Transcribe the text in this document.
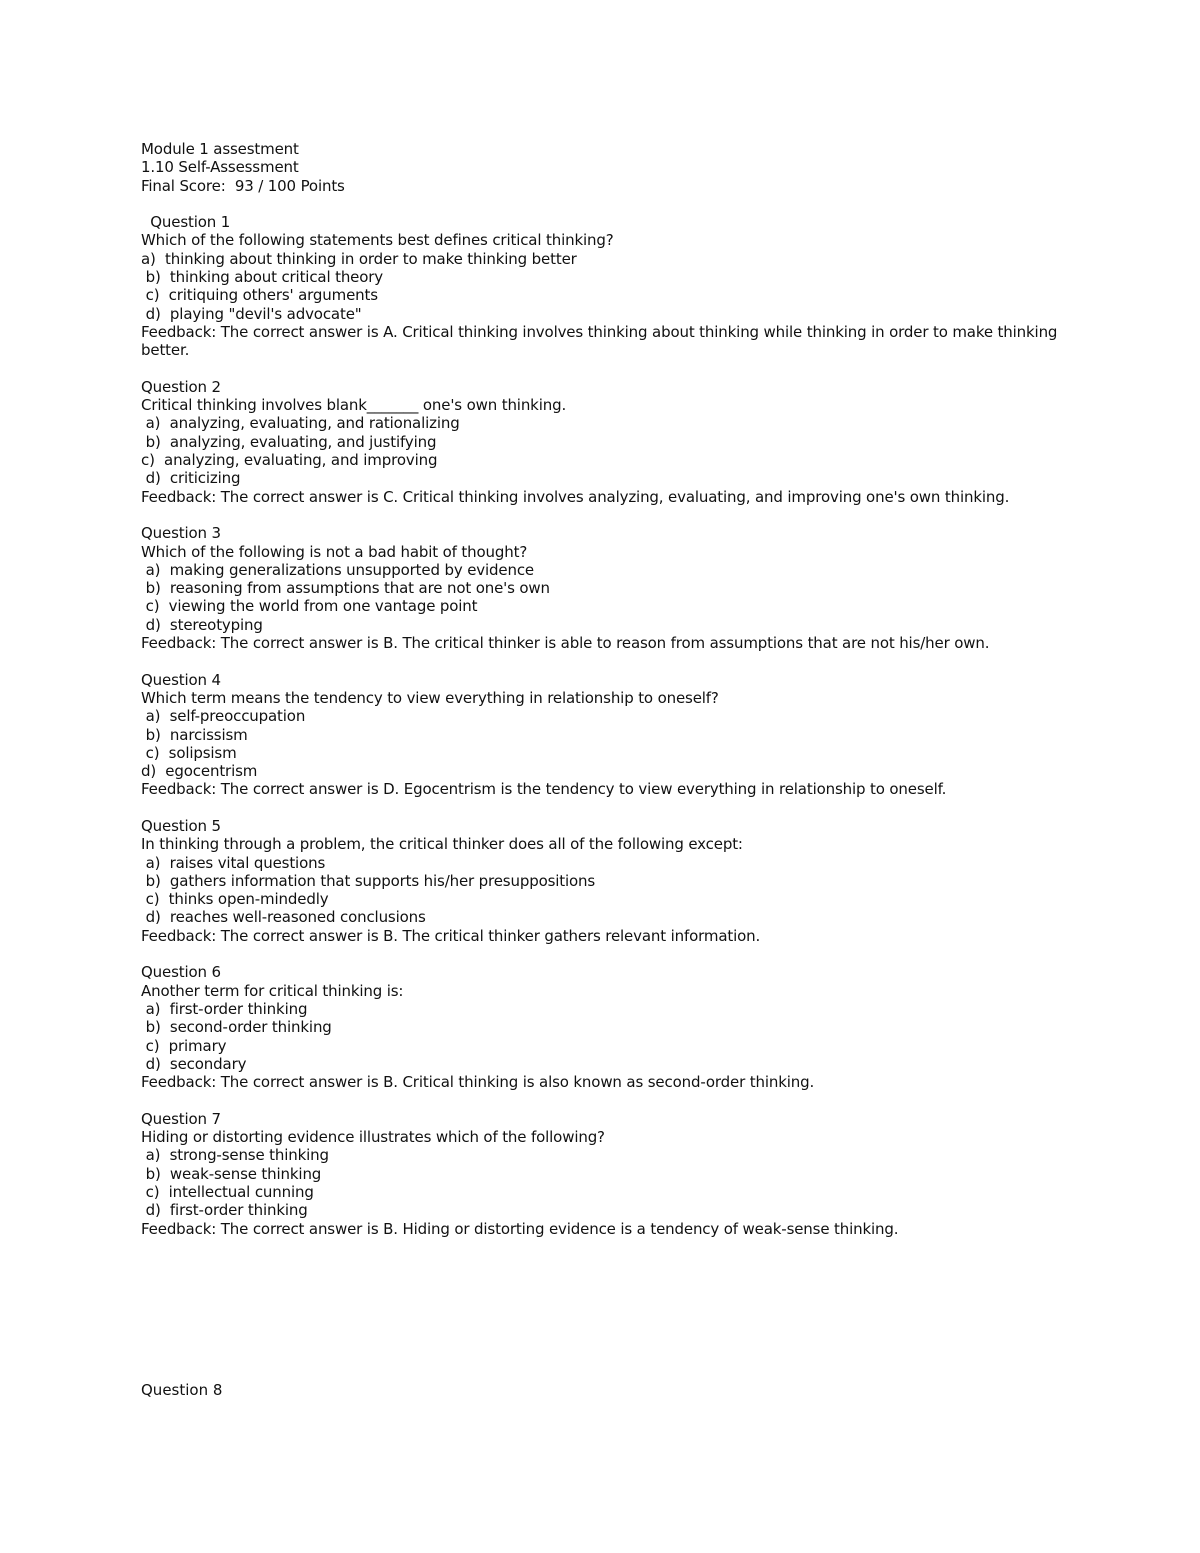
Module 1 assestment
1.10 Self-Assessment
Final Score:  93 / 100 Points
Question 1
Which of the following statements best defines critical thinking?
a)  thinking about thinking in order to make thinking better
b)  thinking about critical theory
c)  critiquing others' arguments
d)  playing "devil's advocate"
Feedback: The correct answer is A. Critical thinking involves thinking about thinking while thinking in order to make thinking better.
Question 2
Critical thinking involves blank_______ one's own thinking.
a)  analyzing, evaluating, and rationalizing
b)  analyzing, evaluating, and justifying
c)  analyzing, evaluating, and improving
d)  criticizing
Feedback: The correct answer is C. Critical thinking involves analyzing, evaluating, and improving one's own thinking.
Question 3
Which of the following is not a bad habit of thought?
a)  making generalizations unsupported by evidence
b)  reasoning from assumptions that are not one's own
c)  viewing the world from one vantage point
d)  stereotyping
Feedback: The correct answer is B. The critical thinker is able to reason from assumptions that are not his/her own.
Question 4
Which term means the tendency to view everything in relationship to oneself?
a)  self-preoccupation
b)  narcissism
c)  solipsism
d)  egocentrism
Feedback: The correct answer is D. Egocentrism is the tendency to view everything in relationship to oneself.
Question 5
In thinking through a problem, the critical thinker does all of the following except:
a)  raises vital questions
b)  gathers information that supports his/her presuppositions
c)  thinks open-mindedly
d)  reaches well-reasoned conclusions
Feedback: The correct answer is B. The critical thinker gathers relevant information.
Question 6
Another term for critical thinking is:
a)  first-order thinking
b)  second-order thinking
c)  primary
d)  secondary
Feedback: The correct answer is B. Critical thinking is also known as second-order thinking.
Question 7
Hiding or distorting evidence illustrates which of the following?
a)  strong-sense thinking
b)  weak-sense thinking
c)  intellectual cunning
d)  first-order thinking
Feedback: The correct answer is B. Hiding or distorting evidence is a tendency of weak-sense thinking.
Question 8
